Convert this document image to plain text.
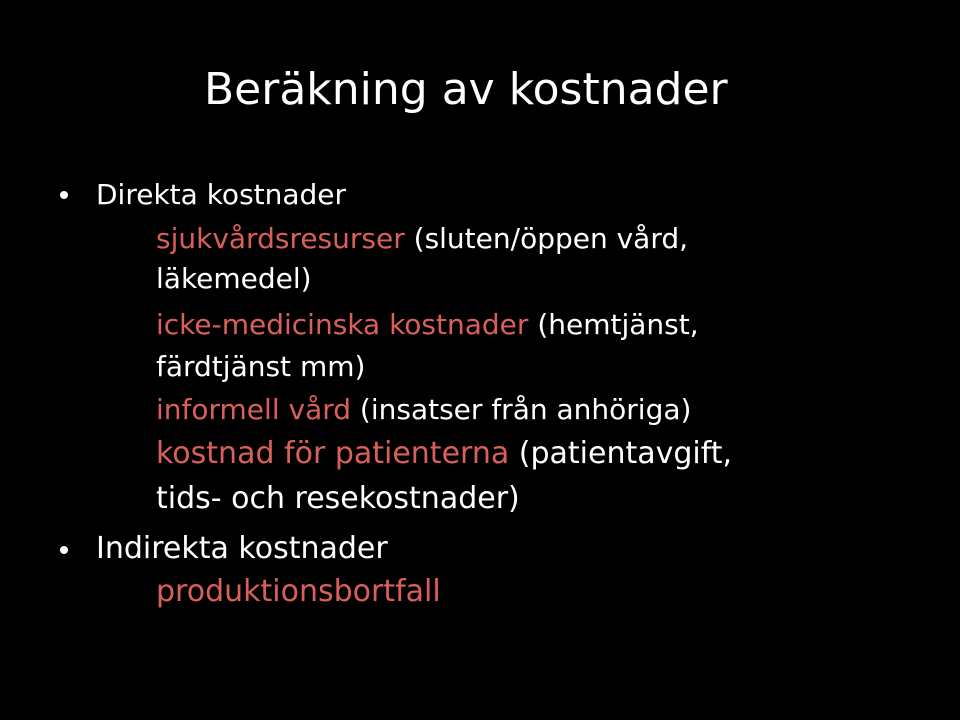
Beräkning av kostnader
Direkta kostnader
sjukvårdsresurser (sluten/öppen vård,
läkemedel)
icke-medicinska kostnader (hemtjänst,
färdtjänst mm)
informell vård (insatser från anhöriga)
kostnad för patienterna (patientavgift,
tids- och resekostnader)
Indirekta kostnader
produktionsbortfall
